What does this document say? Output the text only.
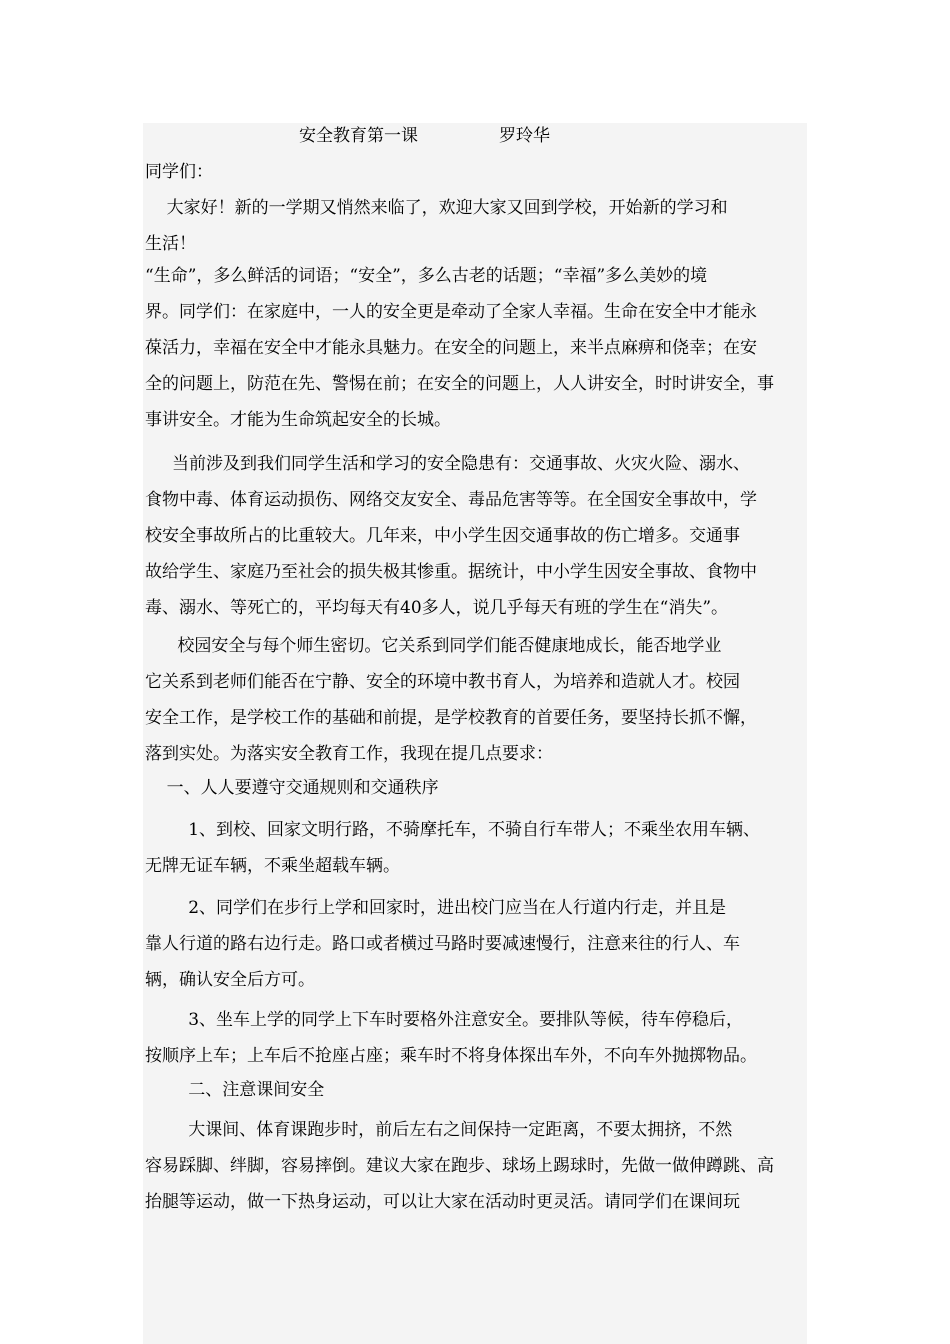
安全教育第一课	罗玲华
同学们：
大家好！新的一学期又悄然来临了，欢迎大家又回到学校，开始新的学习和
生活！
“生命”，多么鲜活的词语；“安全”，多么古老的话题；“幸福”多么美妙的境
界。同学们：在家庭中，一人的安全更是牵动了全家人幸福。生命在安全中才能永
葆活力，幸福在安全中才能永具魅力。在安全的问题上，来半点麻痹和侥幸；在安
全的问题上，防范在先、警惕在前；在安全的问题上，人人讲安全，时时讲安全，事
事讲安全。才能为生命筑起安全的长城。
当前涉及到我们同学生活和学习的安全隐患有：交通事故、火灾火险、溺水、
食物中毒、体育运动损伤、网络交友安全、毒品危害等等。在全国安全事故中，学
校安全事故所占的比重较大。几年来，中小学生因交通事故的伤亡增多。交通事
故给学生、家庭乃至社会的损失极其惨重。据统计，中小学生因安全事故、食物中
毒、溺水、等死亡的，平均每天有40多人，说几乎每天有班的学生在“消失”。
校园安全与每个师生密切。它关系到同学们能否健康地成长，能否地学业
它关系到老师们能否在宁静、安全的环境中教书育人，为培养和造就人才。校园
安全工作，是学校工作的基础和前提，是学校教育的首要任务，要坚持长抓不懈，
落到实处。为落实安全教育工作，我现在提几点要求：
一、人人要遵守交通规则和交通秩序
1、到校、回家文明行路，不骑摩托车，不骑自行车带人；不乘坐农用车辆、
无牌无证车辆，不乘坐超载车辆。
2、同学们在步行上学和回家时，进出校门应当在人行道内行走，并且是
靠人行道的路右边行走。路口或者横过马路时要减速慢行，注意来往的行人、车
辆，确认安全后方可。
3、坐车上学的同学上下车时要格外注意安全。要排队等候，待车停稳后，
按顺序上车；上车后不抢座占座；乘车时不将身体探出车外，不向车外抛掷物品。
二、注意课间安全
大课间、体育课跑步时，前后左右之间保持一定距离，不要太拥挤，不然
容易踩脚、绊脚，容易摔倒。建议大家在跑步、球场上踢球时，先做一做伸蹲跳、高
抬腿等运动，做一下热身运动，可以让大家在活动时更灵活。请同学们在课间玩
